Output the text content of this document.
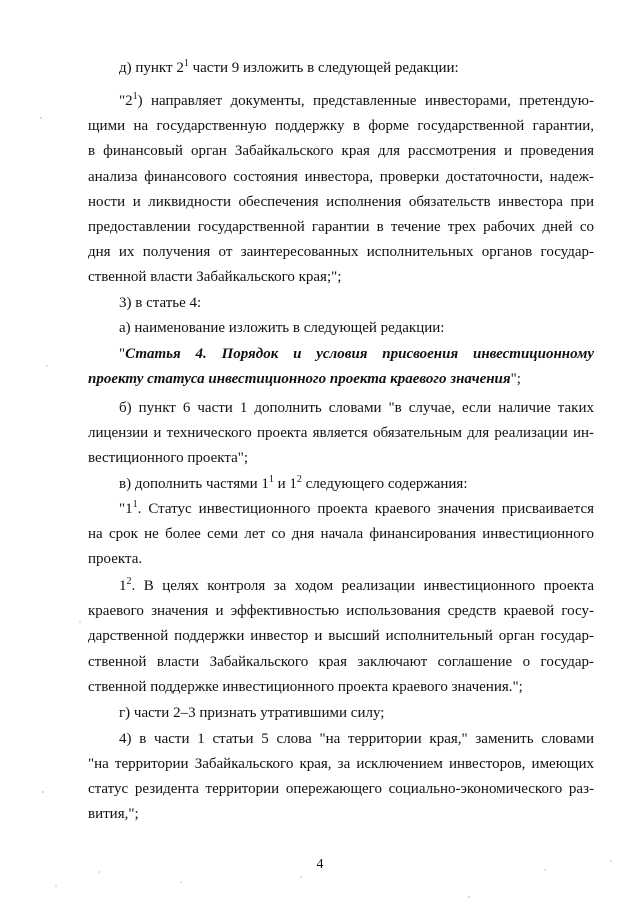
д) пункт $2^1$ части 9 изложить в следующей редакции:
"$2^1$) направляет документы, представленные инвесторами, претендую-
щими на государственную поддержку в форме государственной гарантии,
в финансовый орган Забайкальского края для рассмотрения и проведения
анализа финансового состояния инвестора, проверки достаточности, надеж-
ности и ликвидности обеспечения исполнения обязательств инвестора при
предоставлении государственной гарантии в течение трех рабочих дней со
дня их получения от заинтересованных исполнительных органов государ-
ственной власти Забайкальского края;";
3) в статье 4:
а) наименование изложить в следующей редакции:
"Статья 4. Порядок и условия присвоения инвестиционному
проекту статуса инвестиционного проекта краевого значения";
б) пункт 6 части 1 дополнить словами "в случае, если наличие таких
лицензии и технического проекта является обязательным для реализации ин-
вестиционного проекта";
в) дополнить частями $1^1$ и $1^2$ следующего содержания:
"$1^1$. Статус инвестиционного проекта краевого значения присваивается
на срок не более семи лет со дня начала финансирования инвестиционного
проекта.
$1^2$. В целях контроля за ходом реализации инвестиционного проекта
краевого значения и эффективностью использования средств краевой госу-
дарственной поддержки инвестор и высший исполнительный орган государ-
ственной власти Забайкальского края заключают соглашение о государ-
ственной поддержке инвестиционного проекта краевого значения.";
г) части 2–3 признать утратившими силу;
4) в части 1 статьи 5 слова "на территории края," заменить словами
"на территории Забайкальского края, за исключением инвесторов, имеющих
статус резидента территории опережающего социально-экономического раз-
вития,";
4
